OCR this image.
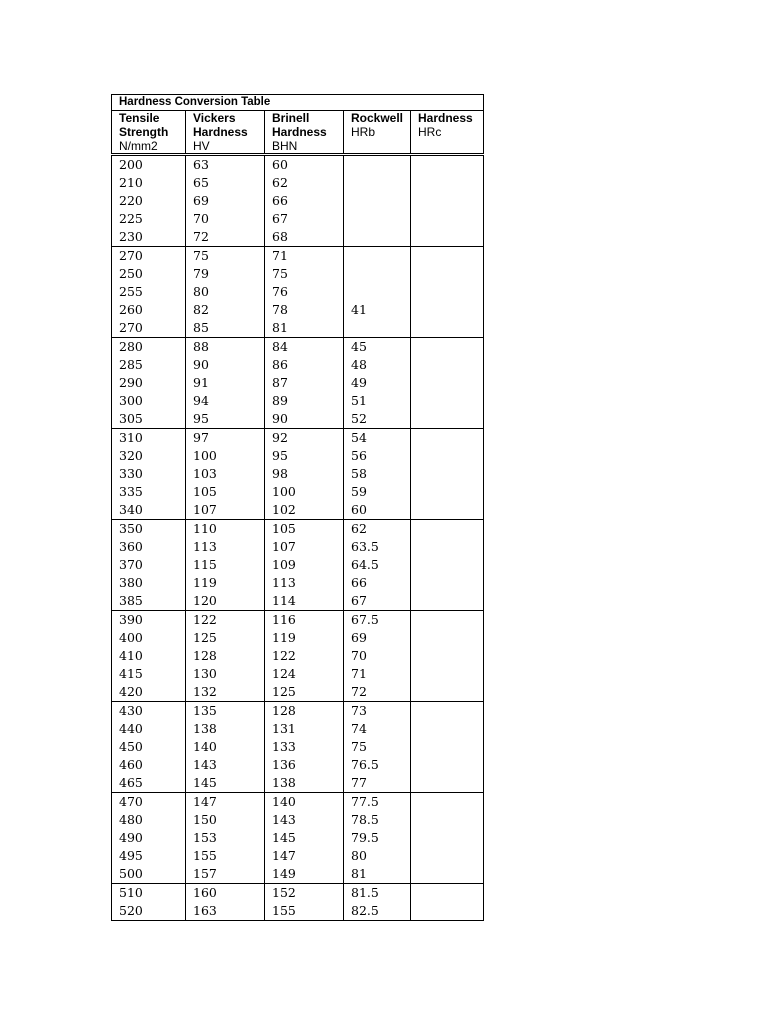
Hardness Conversion Table				
Tensile	Vickers	Brinell	Rockwell	Hardness
Strength	Hardness	Hardness	HRb	HRc
N/mm2	HV	BHN		
200	63	60		
210	65	62		
220	69	66		
225	70	67		
230	72	68		
270	75	71		
250	79	75		
255	80	76		
260	82	78	41	
270	85	81		
280	88	84	45	
285	90	86	48	
290	91	87	49	
300	94	89	51	
305	95	90	52	
310	97	92	54	
320	100	95	56	
330	103	98	58	
335	105	100	59	
340	107	102	60	
350	110	105	62	
360	113	107	63.5	
370	115	109	64.5	
380	119	113	66	
385	120	114	67	
390	122	116	67.5	
400	125	119	69	
410	128	122	70	
415	130	124	71	
420	132	125	72	
430	135	128	73	
440	138	131	74	
450	140	133	75	
460	143	136	76.5	
465	145	138	77	
470	147	140	77.5	
480	150	143	78.5	
490	153	145	79.5	
495	155	147	80	
500	157	149	81	
510	160	152	81.5	
520	163	155	82.5	
